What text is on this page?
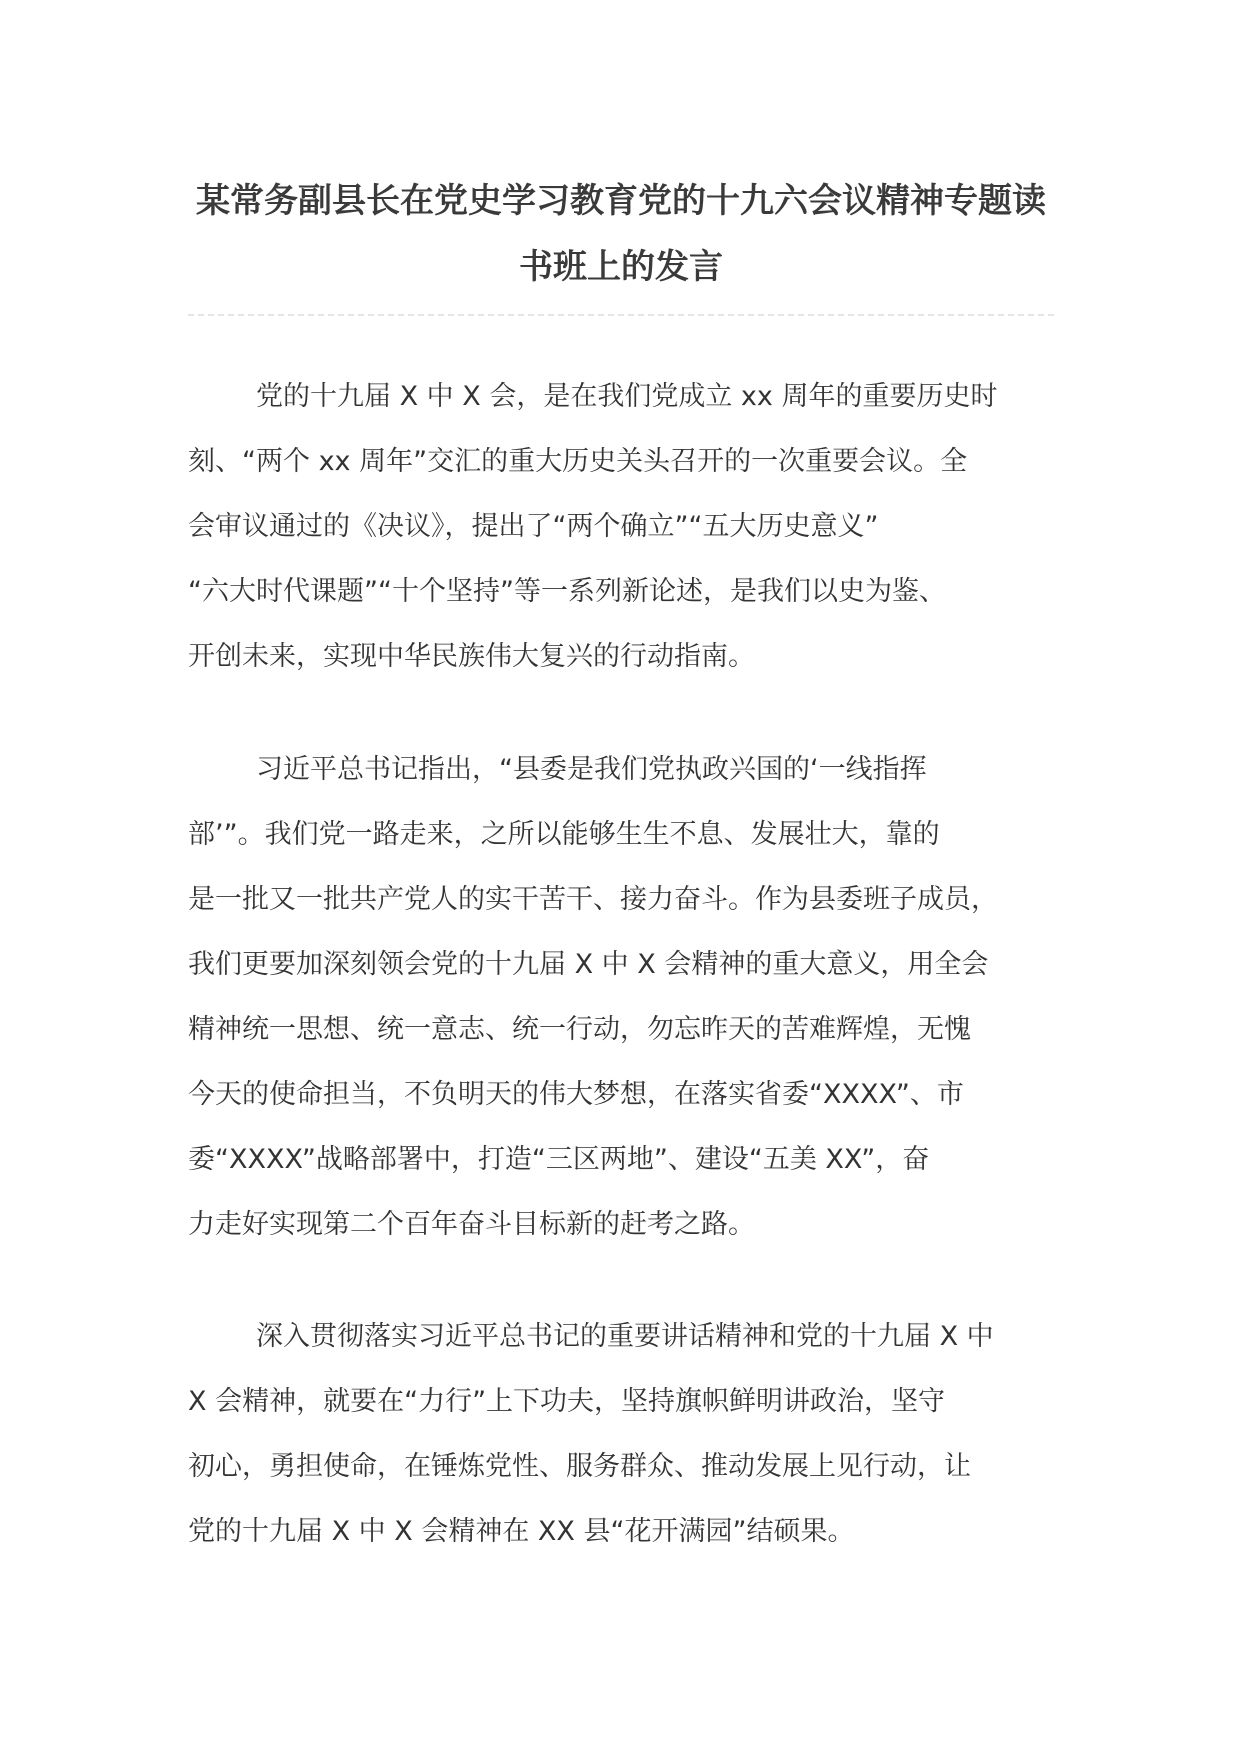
某常务副县长在党史学习教育党的十九六会议精神专题读
书班上的发言
党的十九届 X 中 X 会，是在我们党成立 xx 周年的重要历史时
刻、“两个 xx 周年”交汇的重大历史关头召开的一次重要会议。全
会审议通过的《决议》，提出了“两个确立”“五大历史意义”
“六大时代课题”“十个坚持”等一系列新论述，是我们以史为鉴、
开创未来，实现中华民族伟大复兴的行动指南。
习近平总书记指出，“县委是我们党执政兴国的‘一线指挥
部’”。我们党一路走来，之所以能够生生不息、发展壮大，靠的
是一批又一批共产党人的实干苦干、接力奋斗。作为县委班子成员，
我们更要加深刻领会党的十九届 X 中 X 会精神的重大意义，用全会
精神统一思想、统一意志、统一行动，勿忘昨天的苦难辉煌，无愧
今天的使命担当，不负明天的伟大梦想，在落实省委“XXXX”、市
委“XXXX”战略部署中，打造“三区两地”、建设“五美 XX”，奋
力走好实现第二个百年奋斗目标新的赶考之路。
深入贯彻落实习近平总书记的重要讲话精神和党的十九届 X 中
X 会精神，就要在“力行”上下功夫，坚持旗帜鲜明讲政治，坚守
初心，勇担使命，在锤炼党性、服务群众、推动发展上见行动，让
党的十九届 X 中 X 会精神在 XX 县“花开满园”结硕果。
